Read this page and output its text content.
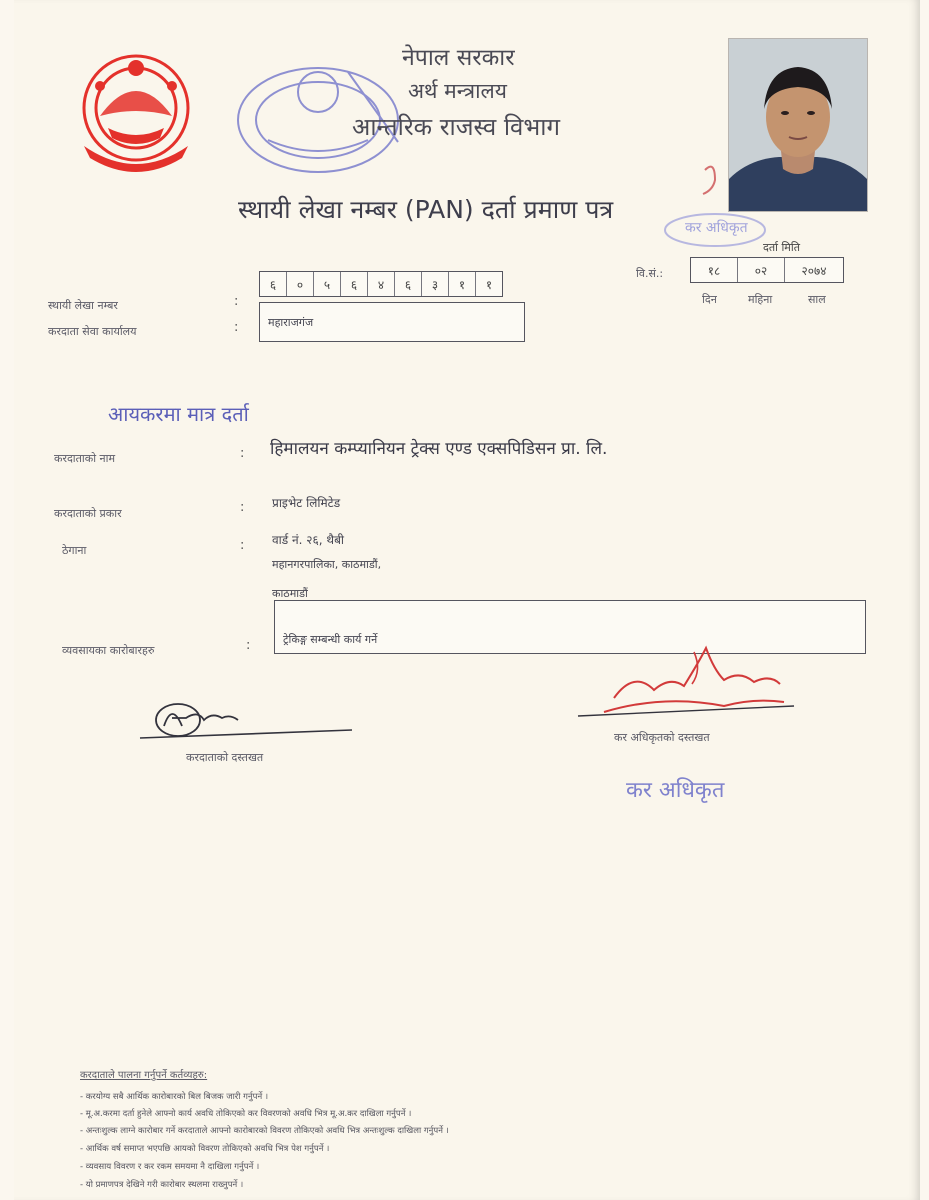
नेपाल सरकार
अर्थ मन्त्रालय
आन्तरिक राजस्व विभाग
स्थायी लेखा नम्बर (PAN) दर्ता प्रमाण पत्र
कर अधिकृत
दर्ता मिति
वि.सं.:	१८	०२	२०७४
दिन	महिना	साल
स्थायी लेखा नम्बर	:
६	०	५	६	४	६	३	१	१
करदाता सेवा कार्यालय	:	महाराजगंज
आयकरमा मात्र दर्ता
करदाताको नाम	: हिमालयन कम्प्यानियन ट्रेक्स एण्ड एक्सपिडिसन प्रा. लि.
करदाताको प्रकार	: प्राइभेट लिमिटेड
ठेगाना	: वार्ड नं. २६, थैबी
महानगरपालिका, काठमाडौं,
काठमाडौं
व्यवसायका कारोबारहरु	:	ट्रेकिङ्ग सम्बन्धी कार्य गर्ने
करदाताको दस्तखत
कर अधिकृतको दस्तखत
कर अधिकृत
करदाताले पालना गर्नुपर्ने कर्तव्यहरु:
- करयोग्य सबै आर्थिक कारोबारको बिल बिजक जारी गर्नुपर्ने ।
- मू.अ.करमा दर्ता हुनेले आफ्नो कार्य अवधि तोकिएको कर विवरणको अवधि भित्र मू.अ.कर दाखिला गर्नुपर्ने ।
- अन्तःशुल्क लाग्ने कारोबार गर्ने करदाताले आफ्नो कारोबारको विवरण तोकिएको अवधि भित्र अन्तःशुल्क दाखिला गर्नुपर्ने ।
- आर्थिक वर्ष समाप्त भएपछि आयको विवरण तोकिएको अवधि भित्र पेश गर्नुपर्ने ।
- व्यवसाय विवरण र कर रकम समयमा नै दाखिला गर्नुपर्ने ।
- यो प्रमाणपत्र देखिने गरी कारोबार स्थलमा राख्नुपर्ने ।
